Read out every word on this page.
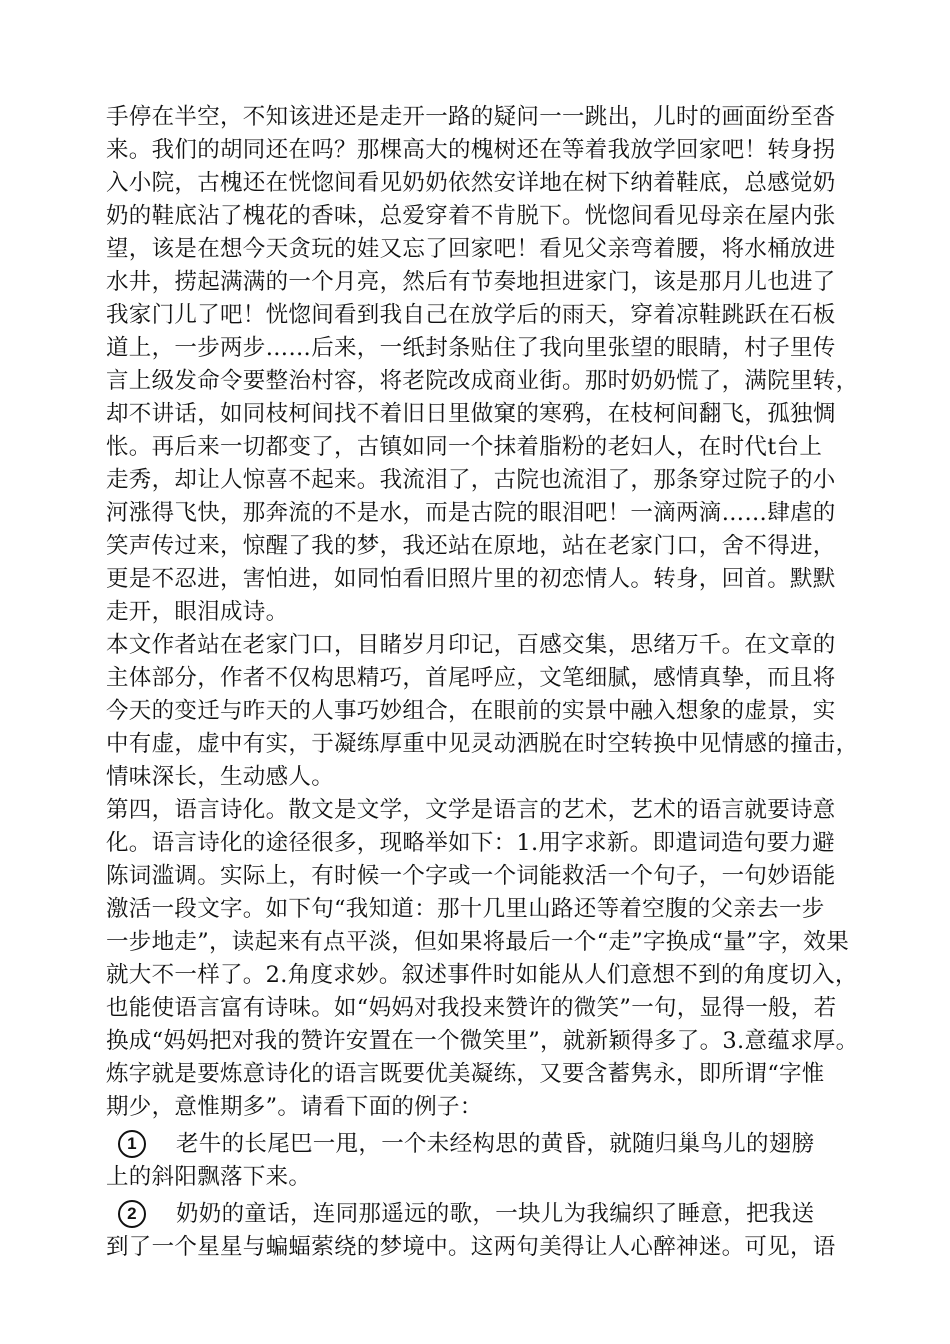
手停在半空，不知该进还是走开一路的疑问一一跳出，儿时的画面纷至沓
来。我们的胡同还在吗？那棵高大的槐树还在等着我放学回家吧！转身拐
入小院，古槐还在恍惚间看见奶奶依然安详地在树下纳着鞋底，总感觉奶
奶的鞋底沾了槐花的香味，总爱穿着不肯脱下。恍惚间看见母亲在屋内张
望，该是在想今天贪玩的娃又忘了回家吧！看见父亲弯着腰，将水桶放进
水井，捞起满满的一个月亮，然后有节奏地担进家门，该是那月儿也进了
我家门儿了吧！恍惚间看到我自己在放学后的雨天，穿着凉鞋跳跃在石板
道上，一步两步……后来，一纸封条贴住了我向里张望的眼睛，村子里传
言上级发命令要整治村容，将老院改成商业街。那时奶奶慌了，满院里转，
却不讲话，如同枝柯间找不着旧日里做窠的寒鸦，在枝柯间翻飞，孤独惆
怅。再后来一切都变了，古镇如同一个抹着脂粉的老妇人，在时代t台上
走秀，却让人惊喜不起来。我流泪了，古院也流泪了，那条穿过院子的小
河涨得飞快，那奔流的不是水，而是古院的眼泪吧！一滴两滴……肆虐的
笑声传过来，惊醒了我的梦，我还站在原地，站在老家门口，舍不得进，
更是不忍进，害怕进，如同怕看旧照片里的初恋情人。转身，回首。默默
走开，眼泪成诗。
本文作者站在老家门口，目睹岁月印记，百感交集，思绪万千。在文章的
主体部分，作者不仅构思精巧，首尾呼应，文笔细腻，感情真挚，而且将
今天的变迁与昨天的人事巧妙组合，在眼前的实景中融入想象的虚景，实
中有虚，虚中有实，于凝练厚重中见灵动洒脱在时空转换中见情感的撞击，
情味深长，生动感人。
第四，语言诗化。散文是文学，文学是语言的艺术，艺术的语言就要诗意
化。语言诗化的途径很多，现略举如下：1.用字求新。即遣词造句要力避
陈词滥调。实际上，有时候一个字或一个词能救活一个句子，一句妙语能
激活一段文字。如下句“我知道：那十几里山路还等着空腹的父亲去一步
一步地走”，读起来有点平淡，但如果将最后一个“走”字换成“量”字，效果
就大不一样了。2.角度求妙。叙述事件时如能从人们意想不到的角度切入，
也能使语言富有诗味。如“妈妈对我投来赞许的微笑”一句，显得一般，若
换成“妈妈把对我的赞许安置在一个微笑里”，就新颖得多了。3.意蕴求厚。
炼字就是要炼意诗化的语言既要优美凝练，又要含蓄隽永，即所谓“字惟
期少，意惟期多”。请看下面的例子：
1 老牛的长尾巴一甩，一个未经构思的黄昏，就随归巢鸟儿的翅膀
上的斜阳飘落下来。
2 奶奶的童话，连同那遥远的歌，一块儿为我编织了睡意，把我送
到了一个星星与蝙蝠萦绕的梦境中。这两句美得让人心醉神迷。可见，语
